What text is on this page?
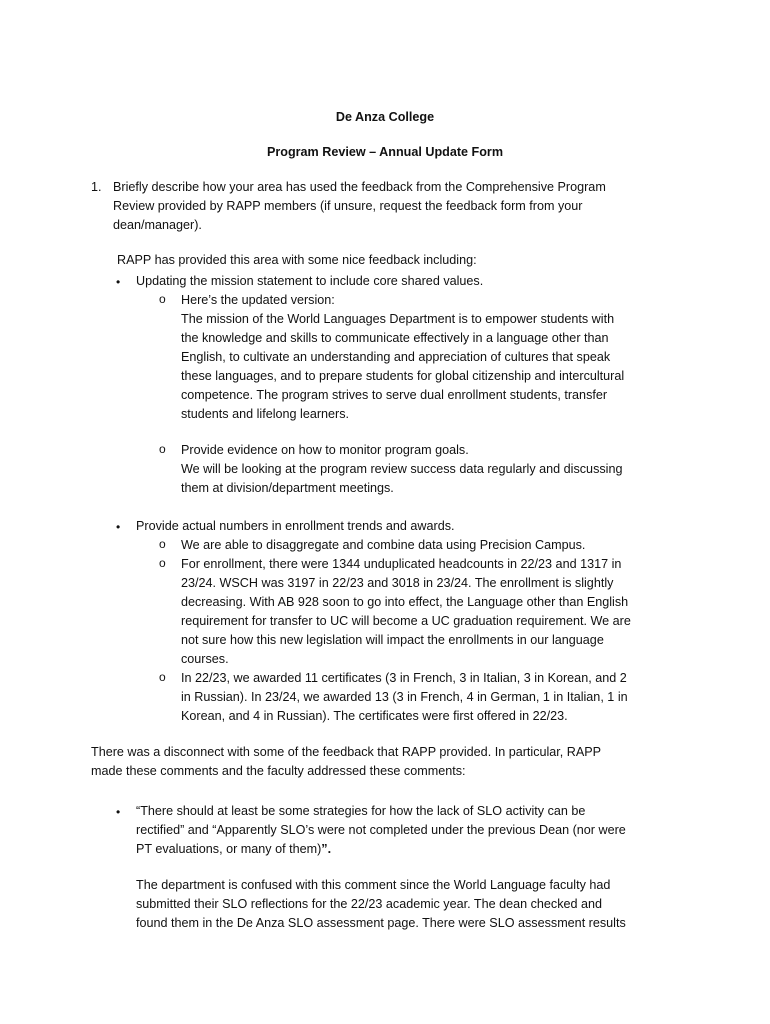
De Anza College
Program Review – Annual Update Form
1. Briefly describe how your area has used the feedback from the Comprehensive Program
Review provided by RAPP members (if unsure, request the feedback form from your
dean/manager).
RAPP has provided this area with some nice feedback including:
• Updating the mission statement to include core shared values.
o Here’s the updated version:
The mission of the World Languages Department is to empower students with
the knowledge and skills to communicate effectively in a language other than
English, to cultivate an understanding and appreciation of cultures that speak
these languages, and to prepare students for global citizenship and intercultural
competence. The program strives to serve dual enrollment students, transfer
students and lifelong learners.
o Provide evidence on how to monitor program goals.
We will be looking at the program review success data regularly and discussing
them at division/department meetings.
• Provide actual numbers in enrollment trends and awards.
o We are able to disaggregate and combine data using Precision Campus.
o For enrollment, there were 1344 unduplicated headcounts in 22/23 and 1317 in
23/24. WSCH was 3197 in 22/23 and 3018 in 23/24. The enrollment is slightly
decreasing. With AB 928 soon to go into effect, the Language other than English
requirement for transfer to UC will become a UC graduation requirement. We are
not sure how this new legislation will impact the enrollments in our language
courses.
o In 22/23, we awarded 11 certificates (3 in French, 3 in Italian, 3 in Korean, and 2
in Russian). In 23/24, we awarded 13 (3 in French, 4 in German, 1 in Italian, 1 in
Korean, and 4 in Russian). The certificates were first offered in 22/23.
There was a disconnect with some of the feedback that RAPP provided. In particular, RAPP
made these comments and the faculty addressed these comments:
• “There should at least be some strategies for how the lack of SLO activity can be
rectified” and “Apparently SLO’s were not completed under the previous Dean (nor were
PT evaluations, or many of them)”.
The department is confused with this comment since the World Language faculty had
submitted their SLO reflections for the 22/23 academic year. The dean checked and
found them in the De Anza SLO assessment page. There were SLO assessment results
